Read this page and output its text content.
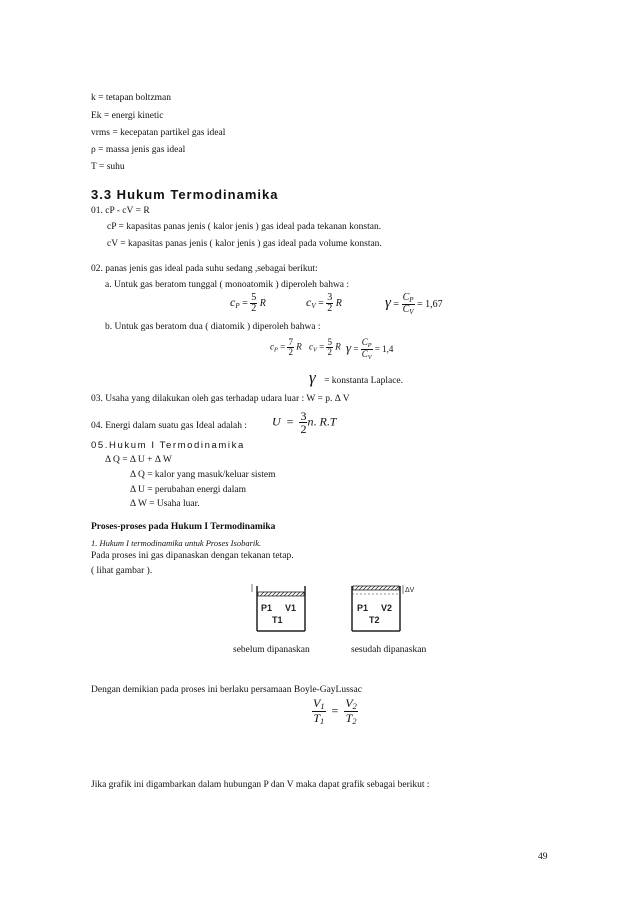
k = tetapan boltzman
Ek = energi kinetic
vrms = kecepatan partikel gas ideal
ρ = massa jenis gas ideal
T = suhu
3.3 Hukum Termodinamika
01. cP - cV = R
cP = kapasitas panas jenis ( kalor jenis ) gas ideal pada tekanan konstan.
cV = kapasitas panas jenis ( kalor jenis ) gas ideal pada volume konstan.
02. panas jenis gas ideal pada suhu sedang ,sebagai berikut:
a. Untuk gas beratom tunggal ( monoatomik ) diperoleh bahwa :
$c_P = \frac{5}{2}$ R	$c_V = \frac{3}{2}$ R	$\gamma = \frac{C_P}{C_V} = 1,67$
b. Untuk gas beratom dua ( diatomik ) diperoleh bahwa :
$c_P = \frac{7}{2}$ R $c_V = \frac{5}{2}$ R $\gamma = \frac{C_P}{C_V} = 1,4$
γ = konstanta Laplace.
03. Usaha yang dilakukan oleh gas terhadap udara luar : W = p. Δ V
04. Energi dalam suatu gas Ideal adalah : $U = \frac{3}{2} n$. R.T
05.Hukum I Termodinamika
Δ Q = Δ U + Δ W
Δ Q = kalor yang masuk/keluar sistem
Δ U = perubahan energi dalam
Δ W = Usaha luar.
Proses-proses pada Hukum I Termodinamika
1. Hukum I termodinamika untuk Proses Isobarik.
Pada proses ini gas dipanaskan dengan tekanan tetap.
( lihat gambar ).
P1 V1
T1
ΔV
P1 V2
T2
sebelum dipanaskan	sesudah dipanaskan
Dengan demikian pada proses ini berlaku persamaan Boyle-GayLussac
$\frac{V_1}{T_1} = \frac{V_2}{T_2}$
Jika grafik ini digambarkan dalam hubungan P dan V maka dapat grafik sebagai berikut :
49
